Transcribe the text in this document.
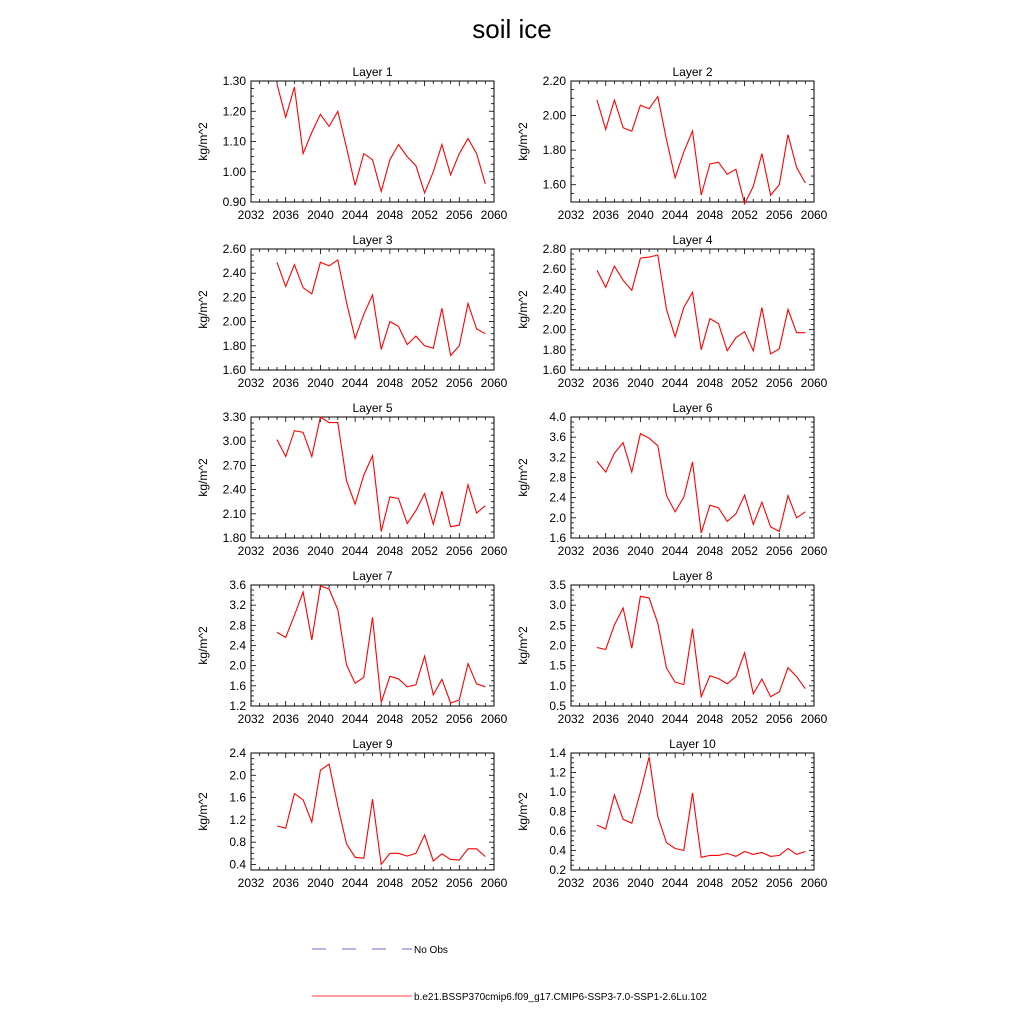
soil ice
Layer 1
2032 2036 2040 2044 2048 2052 2056 2060
0.90
1.00
1.10
1.20
1.30
kg/m^2
Layer 2
2032 2036 2040 2044 2048 2052 2056 2060
1.60
1.80
2.00
2.20
kg/m^2
Layer 3
2032 2036 2040 2044 2048 2052 2056 2060
1.60
1.80
2.00
2.20
2.40
2.60
kg/m^2
Layer 4
2032 2036 2040 2044 2048 2052 2056 2060
1.60
1.80
2.00
2.20
2.40
2.60
2.80
kg/m^2
Layer 5
2032 2036 2040 2044 2048 2052 2056 2060
1.80
2.10
2.40
2.70
3.00
3.30
kg/m^2
Layer 6
2032 2036 2040 2044 2048 2052 2056 2060
1.6
2.0
2.4
2.8
3.2
3.6
4.0
kg/m^2
Layer 7
2032 2036 2040 2044 2048 2052 2056 2060
1.2
1.6
2.0
2.4
2.8
3.2
3.6
kg/m^2
Layer 8
2032 2036 2040 2044 2048 2052 2056 2060
0.5
1.0
1.5
2.0
2.5
3.0
3.5
kg/m^2
Layer 9
2032 2036 2040 2044 2048 2052 2056 2060
0.4
0.8
1.2
1.6
2.0
2.4
kg/m^2
Layer 10
2032 2036 2040 2044 2048 2052 2056 2060
0.2
0.4
0.6
0.8
1.0
1.2
1.4
kg/m^2
No Obs
b.e21.BSSP370cmip6.f09_g17.CMIP6-SSP3-7.0-SSP1-2.6Lu.102
